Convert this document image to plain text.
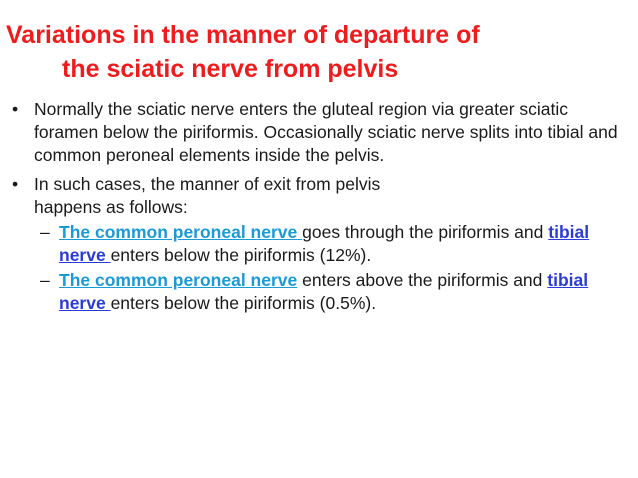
Variations in the manner of departure of
the sciatic nerve from pelvis
• Normally the sciatic nerve enters the gluteal region via greater sciatic foramen below the piriformis. Occasionally sciatic nerve splits into tibial and common peroneal elements inside the pelvis.
• In such cases, the manner of exit from pelvis
happens as follows:
– The common peroneal nerve goes through the piriformis and tibial nerve enters below the piriformis (12%).
– The common peroneal nerve enters above the piriformis and tibial nerve enters below the piriformis (0.5%).
